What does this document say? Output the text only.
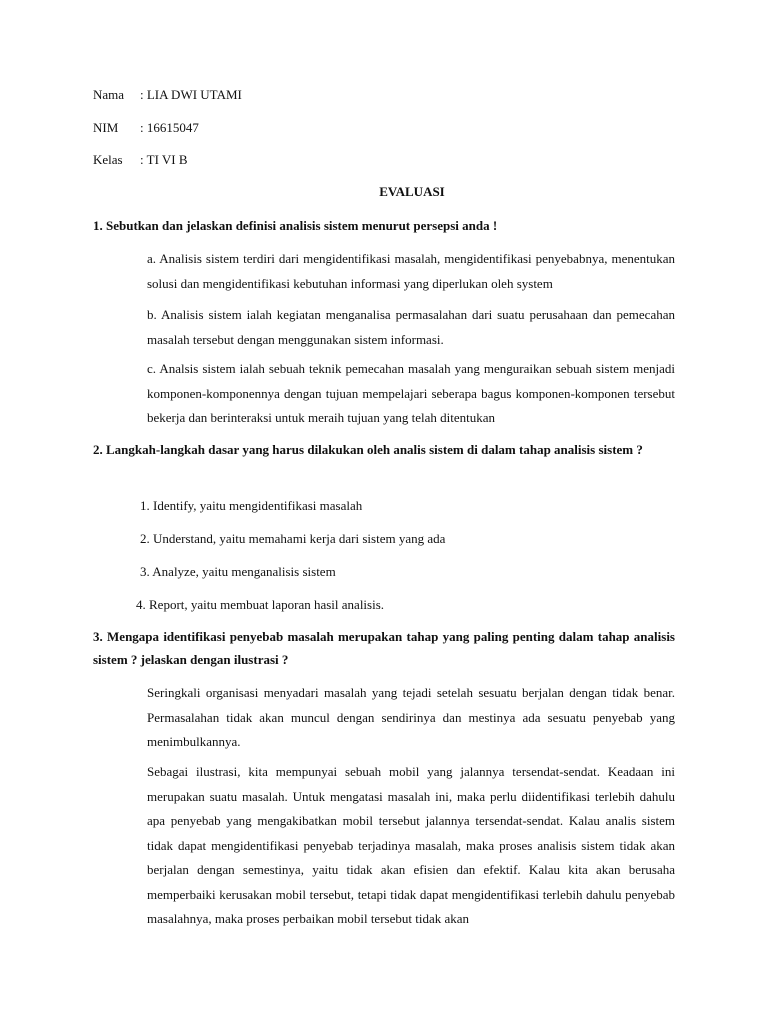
Nama : LIA DWI UTAMI
NIM : 16615047
Kelas : TI VI B
EVALUASI
1. Sebutkan dan jelaskan definisi analisis sistem menurut persepsi anda !
a. Analisis sistem terdiri dari mengidentifikasi masalah, mengidentifikasi penyebabnya, menentukan solusi dan mengidentifikasi kebutuhan informasi yang diperlukan oleh system
b. Analisis sistem ialah kegiatan menganalisa permasalahan dari suatu perusahaan dan pemecahan masalah tersebut dengan menggunakan sistem informasi.
c. Analsis sistem ialah sebuah teknik pemecahan masalah yang menguraikan sebuah sistem menjadi komponen-komponennya dengan tujuan mempelajari seberapa bagus komponen-komponen tersebut bekerja dan berinteraksi untuk meraih tujuan yang telah ditentukan
2. Langkah-langkah dasar yang harus dilakukan oleh analis sistem di dalam tahap analisis sistem ?
1. Identify, yaitu mengidentifikasi masalah
2. Understand, yaitu memahami kerja dari sistem yang ada
3. Analyze, yaitu menganalisis sistem
4. Report, yaitu membuat laporan hasil analisis.
3. Mengapa identifikasi penyebab masalah merupakan tahap yang paling penting dalam tahap analisis sistem ? jelaskan dengan ilustrasi ?
Seringkali organisasi menyadari masalah yang tejadi setelah sesuatu berjalan dengan tidak benar. Permasalahan tidak akan muncul dengan sendirinya dan mestinya ada sesuatu penyebab yang menimbulkannya.
Sebagai ilustrasi, kita mempunyai sebuah mobil yang jalannya tersendat-sendat. Keadaan ini merupakan suatu masalah. Untuk mengatasi masalah ini, maka perlu diidentifikasi terlebih dahulu apa penyebab yang mengakibatkan mobil tersebut jalannya tersendat-sendat. Kalau analis sistem tidak dapat mengidentifikasi penyebab terjadinya masalah, maka proses analisis sistem tidak akan berjalan dengan semestinya, yaitu tidak akan efisien dan efektif. Kalau kita akan berusaha memperbaiki kerusakan mobil tersebut, tetapi tidak dapat mengidentifikasi terlebih dahulu penyebab masalahnya, maka proses perbaikan mobil tersebut tidak akan
